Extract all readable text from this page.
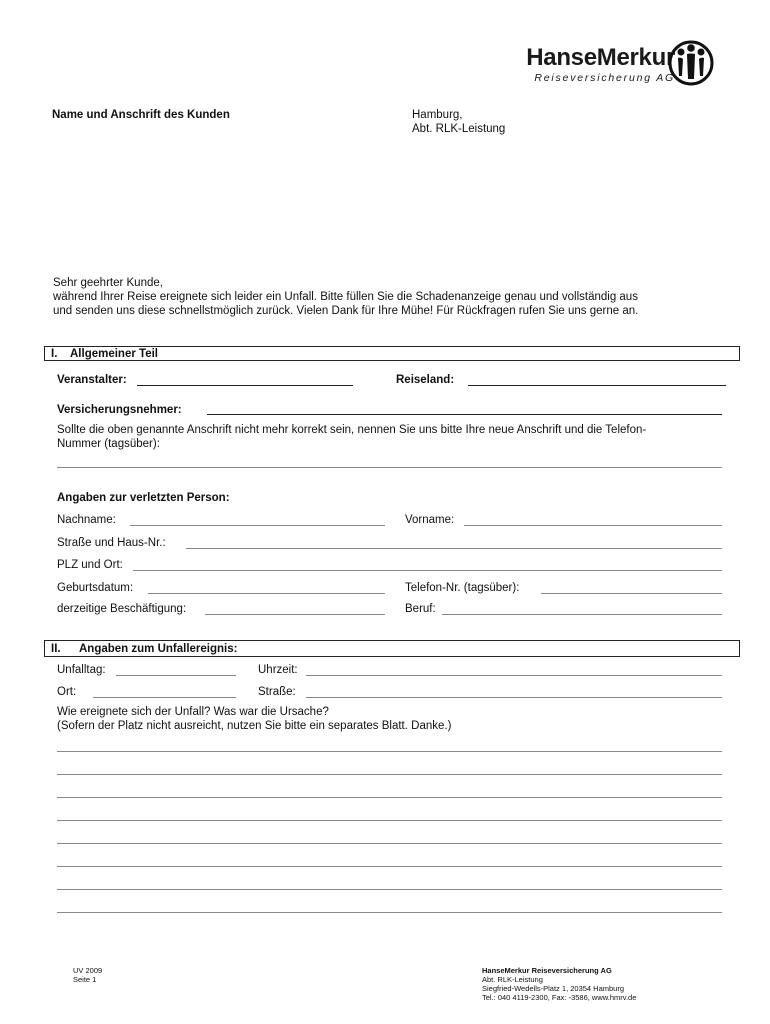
HanseMerkur
Reiseversicherung AG
Name und Anschrift des Kunden	Hamburg,
Abt. RLK-Leistung
Sehr geehrter Kunde,
während Ihrer Reise ereignete sich leider ein Unfall. Bitte füllen Sie die Schadenanzeige genau und vollständig aus
und senden uns diese schnellstmöglich zurück. Vielen Dank für Ihre Mühe! Für Rückfragen rufen Sie uns gerne an.
I. Allgemeiner Teil
Veranstalter:	Reiseland:
Versicherungsnehmer:
Sollte die oben genannte Anschrift nicht mehr korrekt sein, nennen Sie uns bitte Ihre neue Anschrift und die Telefon-
Nummer (tagsüber):
Angaben zur verletzten Person:
Nachname:	Vorname:
Straße und Haus-Nr.:
PLZ und Ort:
Geburtsdatum:	Telefon-Nr. (tagsüber):
derzeitige Beschäftigung:	Beruf:
II. Angaben zum Unfallereignis:
Unfalltag:	Uhrzeit:
Ort:	Straße:
Wie ereignete sich der Unfall? Was war die Ursache?
(Sofern der Platz nicht ausreicht, nutzen Sie bitte ein separates Blatt. Danke.)
UV 2009
Seite 1
HanseMerkur Reiseversicherung AG
Abt. RLK-Leistung
Siegfried-Wedells-Platz 1, 20354 Hamburg
Tel.: 040 4119-2300, Fax: -3586, www.hmrv.de
